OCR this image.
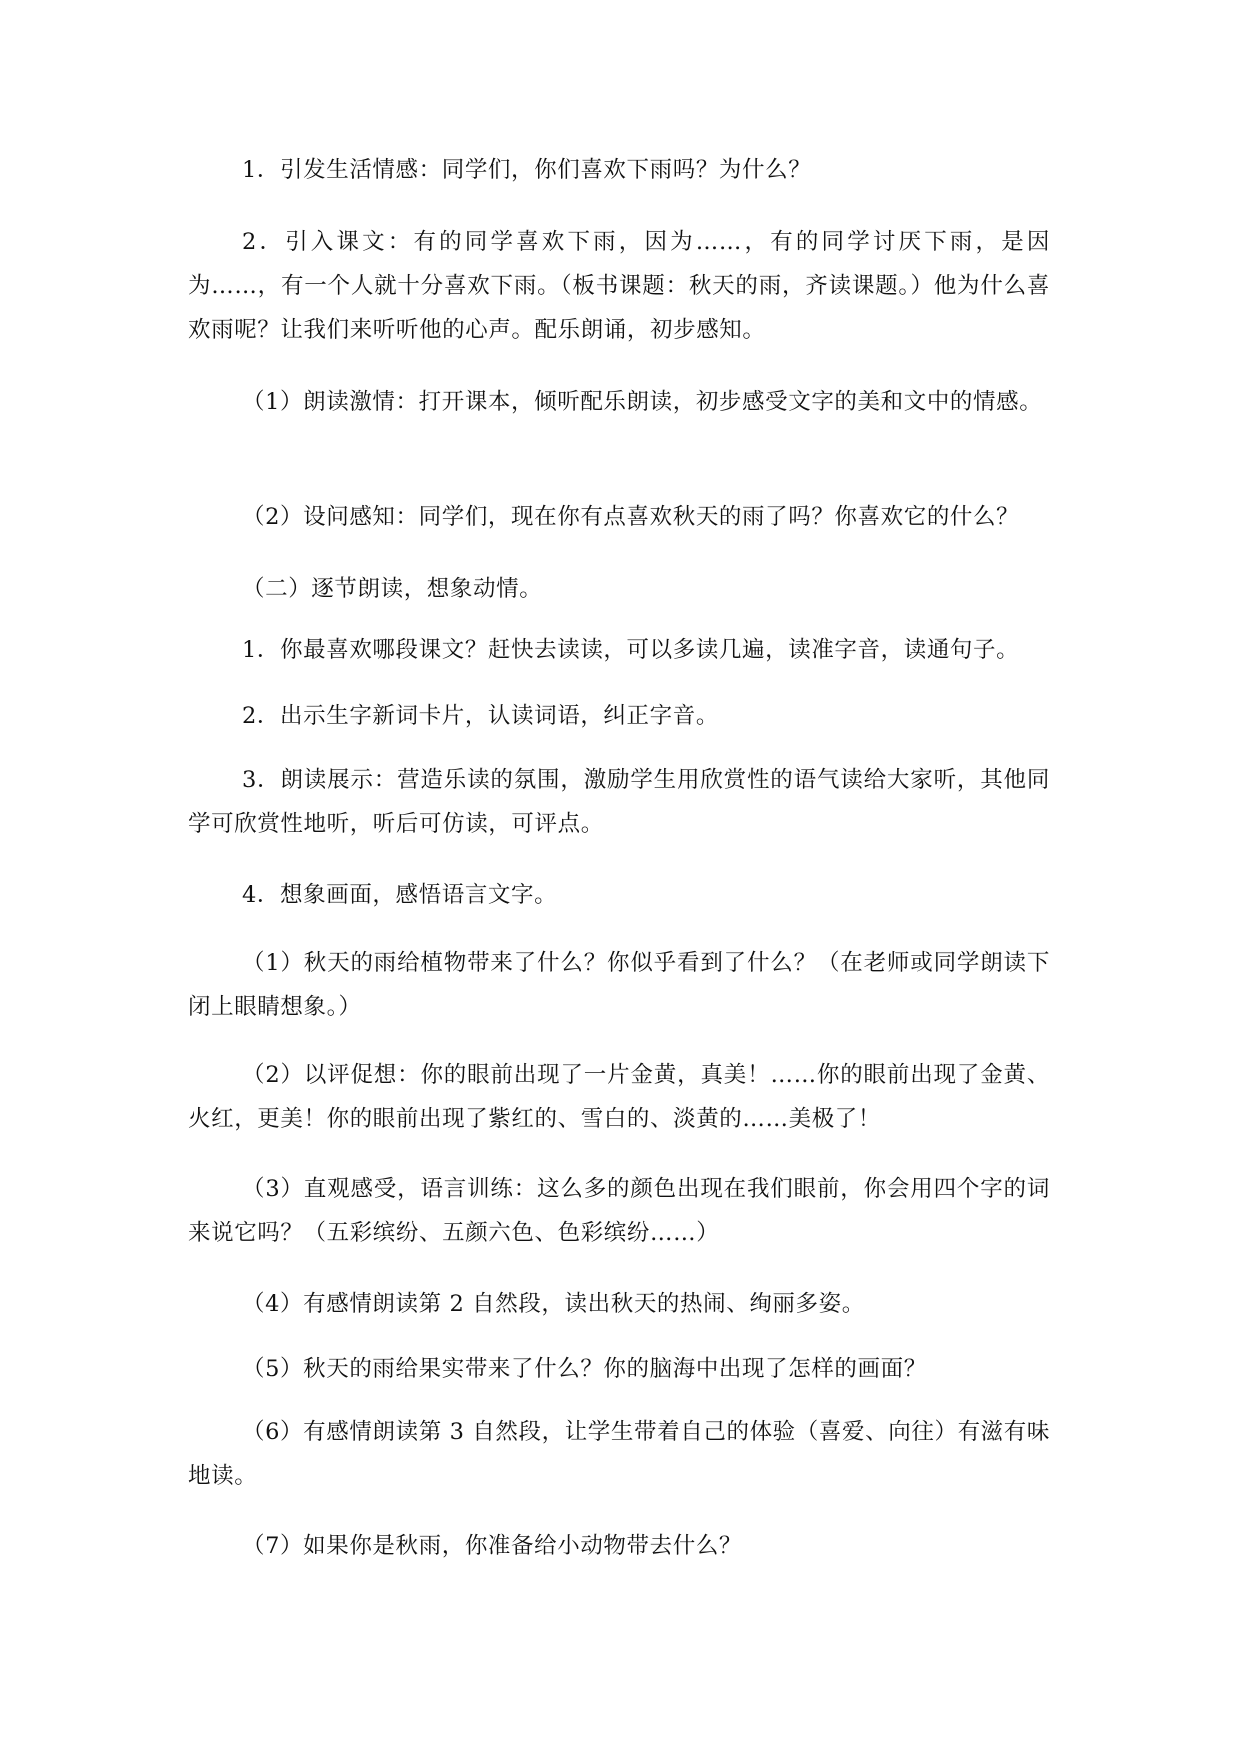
1．引发生活情感：同学们，你们喜欢下雨吗？为什么？

2．引入课文：有的同学喜欢下雨，因为……，有的同学讨厌下雨，是因为……，有一个人就十分喜欢下雨。（板书课题：秋天的雨，齐读课题。）他为什么喜欢雨呢？让我们来听听他的心声。配乐朗诵，初步感知。

（1）朗读激情：打开课本，倾听配乐朗读，初步感受文字的美和文中的情感。

（2）设问感知：同学们，现在你有点喜欢秋天的雨了吗？你喜欢它的什么？

（二）逐节朗读，想象动情。

1．你最喜欢哪段课文？赶快去读读，可以多读几遍，读准字音，读通句子。

2．出示生字新词卡片，认读词语，纠正字音。

3．朗读展示：营造乐读的氛围，激励学生用欣赏性的语气读给大家听，其他同学可欣赏性地听，听后可仿读，可评点。

4．想象画面，感悟语言文字。

（1）秋天的雨给植物带来了什么？你似乎看到了什么？（在老师或同学朗读下闭上眼睛想象。）

（2）以评促想：你的眼前出现了一片金黄，真美！……你的眼前出现了金黄、火红，更美！你的眼前出现了紫红的、雪白的、淡黄的……美极了！

（3）直观感受，语言训练：这么多的颜色出现在我们眼前，你会用四个字的词来说它吗？（五彩缤纷、五颜六色、色彩缤纷……）

（4）有感情朗读第 2 自然段，读出秋天的热闹、绚丽多姿。

（5）秋天的雨给果实带来了什么？你的脑海中出现了怎样的画面？

（6）有感情朗读第 3 自然段，让学生带着自己的体验（喜爱、向往）有滋有味地读。

（7）如果你是秋雨，你准备给小动物带去什么？
